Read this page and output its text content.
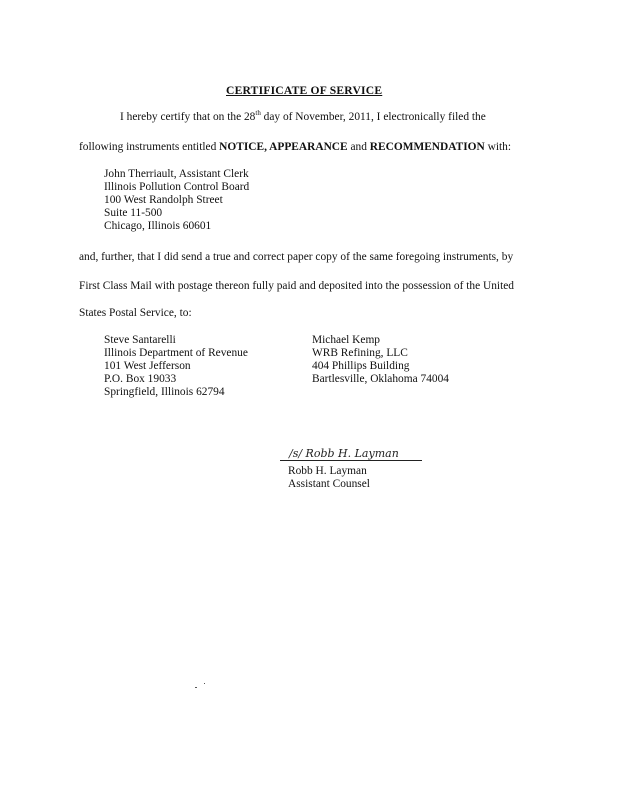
CERTIFICATE OF SERVICE
I hereby certify that on the 28th day of November, 2011, I electronically filed the
following instruments entitled NOTICE, APPEARANCE and RECOMMENDATION with:
John Therriault, Assistant Clerk
Illinois Pollution Control Board
100 West Randolph Street
Suite 11-500
Chicago, Illinois 60601
and, further, that I did send a true and correct paper copy of the same foregoing instruments, by
First Class Mail with postage thereon fully paid and deposited into the possession of the United
States Postal Service, to:
Steve Santarelli
Illinois Department of Revenue
101 West Jefferson
P.O. Box 19033
Springfield, Illinois 62794
Michael Kemp
WRB Refining, LLC
404 Phillips Building
Bartlesville, Oklahoma 74004
/s/ Robb H. Layman
Robb H. Layman
Assistant Counsel
